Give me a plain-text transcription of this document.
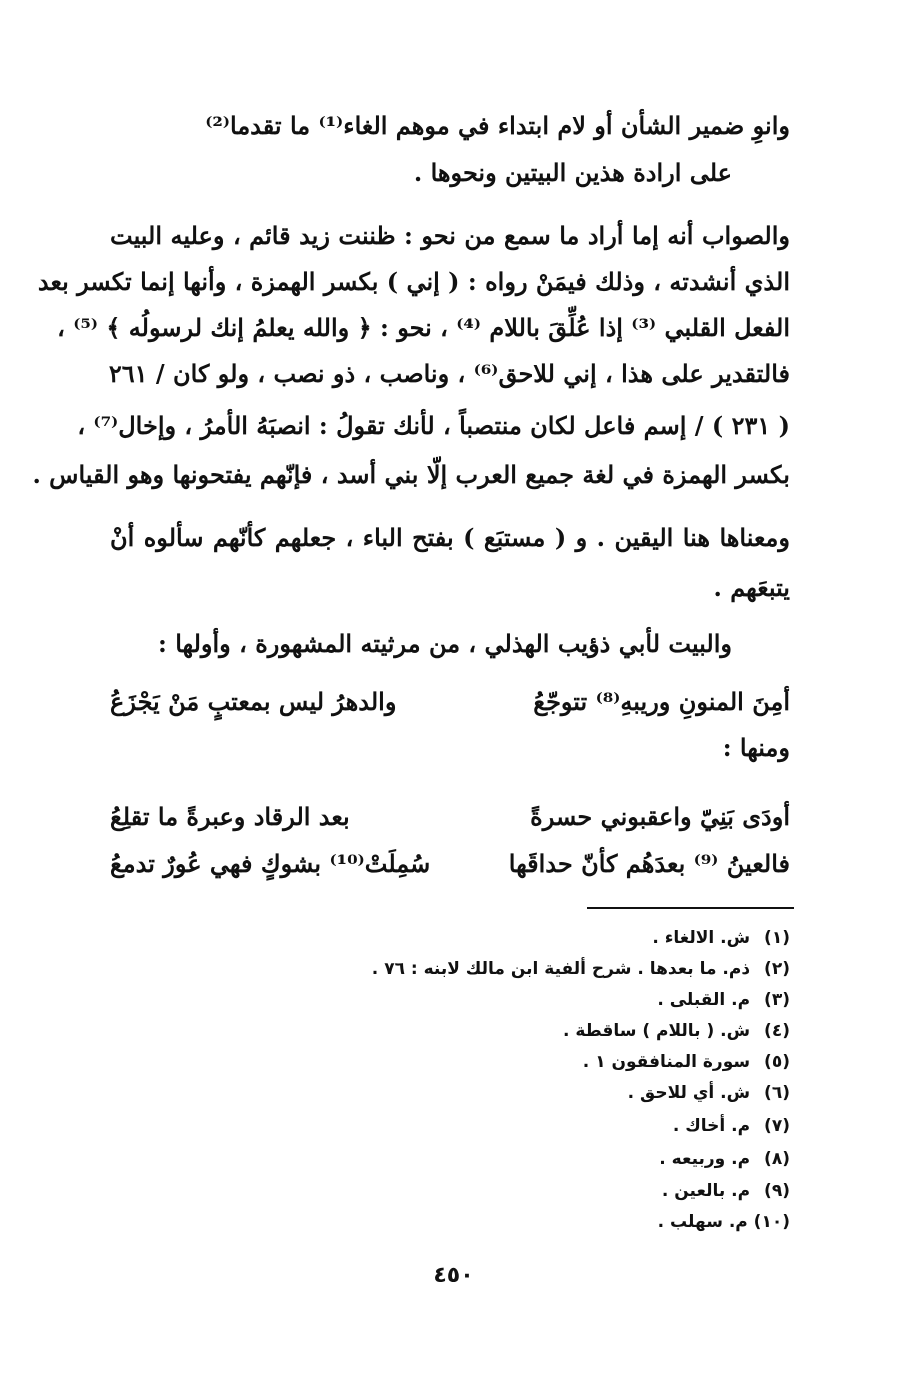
وانوِ ضمير الشأن أو لام ابتداء في موهم الغاء⁽¹⁾ ما تقدما⁽²⁾
على ارادة هذين البيتين ونحوها .
والصواب أنه إما أراد ما سمع من نحو : ظننت زيد قائم ، وعليه البيت
الذي أنشدته ، وذلك فيمَنْ رواه : ( إني ) بكسر الهمزة ، وأنها إنما تكسر بعد
الفعل القلبي ⁽³⁾ إذا عُلِّقَ باللام ⁽⁴⁾ ، نحو : ﴿ والله يعلمُ إنك لرسولُه ﴾ ⁽⁵⁾ ،
فالتقدير على هذا ، إني للاحق⁽⁶⁾ ، وناصب ، ذو نصب ، ولو كان / ٢٦١
( ٢٣١ ) / إسم فاعل لكان منتصباً ، لأنك تقولُ : انصبَهُ الأمرُ ، وإخال⁽⁷⁾ ،
بكسر الهمزة في لغة جميع العرب إلّا بني أسد ، فإنّهم يفتحونها وهو القياس .
ومعناها هنا اليقين . و ( مستبَع ) بفتح الباء ، جعلهم كأنّهم سألوه أنْ
يتبعَهم .
والبيت لأبي ذؤيب الهذلي ، من مرثيته المشهورة ، وأولها :
أمِنَ المنونِ وريبهِ⁽⁸⁾ تتوجّعُ
والدهرُ ليس بمعتبٍ مَنْ يَجْزَعُ
ومنها :
أودَى بَنِيّ واعقبوني حسرةً
بعد الرقاد وعبرةً ما تقلِعُ
فالعينُ ⁽⁹⁾ بعدَهُم كأنّ حداقَها
سُمِلَتْ⁽¹⁰⁾ بشوكٍ فهي عُورٌ تدمعُ
(١) ش. الالغاء .
(٢) ذم. ما بعدها . شرح ألفية ابن مالك لابنه : ٧٦ .
(٣) م. القبلى .
(٤) ش. ( باللام ) ساقطة .
(٥) سورة المنافقون ١ .
(٦) ش. أي للاحق .
(٧) م. أخاك .
(٨) م. وربيعه .
(٩) م. بالعين .
(١٠) م. سهلب .
٤٥٠
